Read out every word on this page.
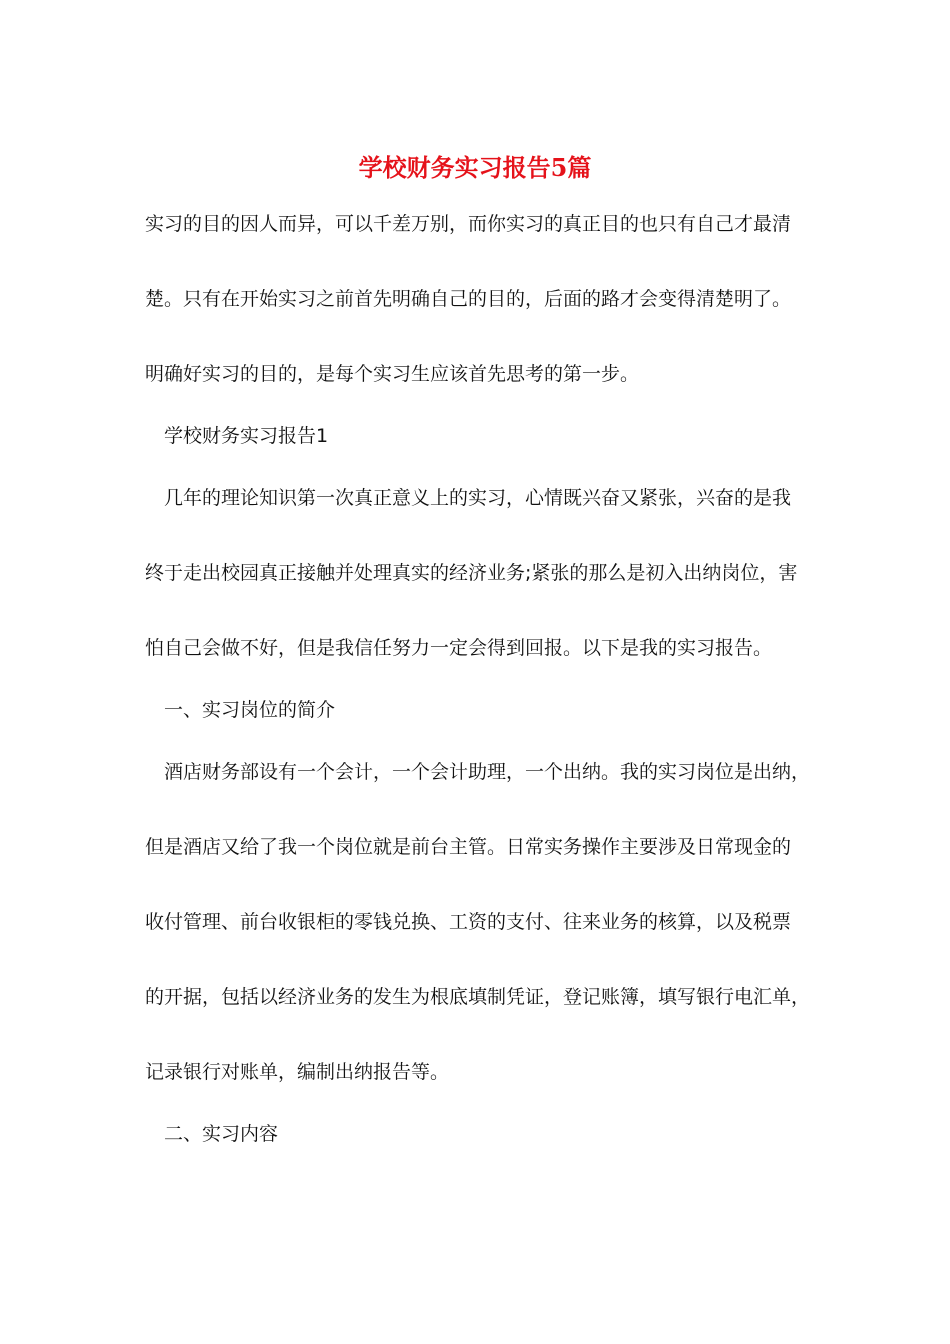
学校财务实习报告5篇

实习的目的因人而异，可以千差万别，而你实习的真正目的也只有自己才最清

楚。只有在开始实习之前首先明确自己的目的，后面的路才会变得清楚明了。

明确好实习的目的，是每个实习生应该首先思考的第一步。

学校财务实习报告1

几年的理论知识第一次真正意义上的实习，心情既兴奋又紧张，兴奋的是我

终于走出校园真正接触并处理真实的经济业务;紧张的那么是初入出纳岗位，害

怕自己会做不好，但是我信任努力一定会得到回报。以下是我的实习报告。

一、实习岗位的简介

酒店财务部设有一个会计，一个会计助理，一个出纳。我的实习岗位是出纳，

但是酒店又给了我一个岗位就是前台主管。日常实务操作主要涉及日常现金的

收付管理、前台收银柜的零钱兑换、工资的支付、往来业务的核算，以及税票

的开据，包括以经济业务的发生为根底填制凭证，登记账簿，填写银行电汇单，

记录银行对账单，编制出纳报告等。

二、实习内容
